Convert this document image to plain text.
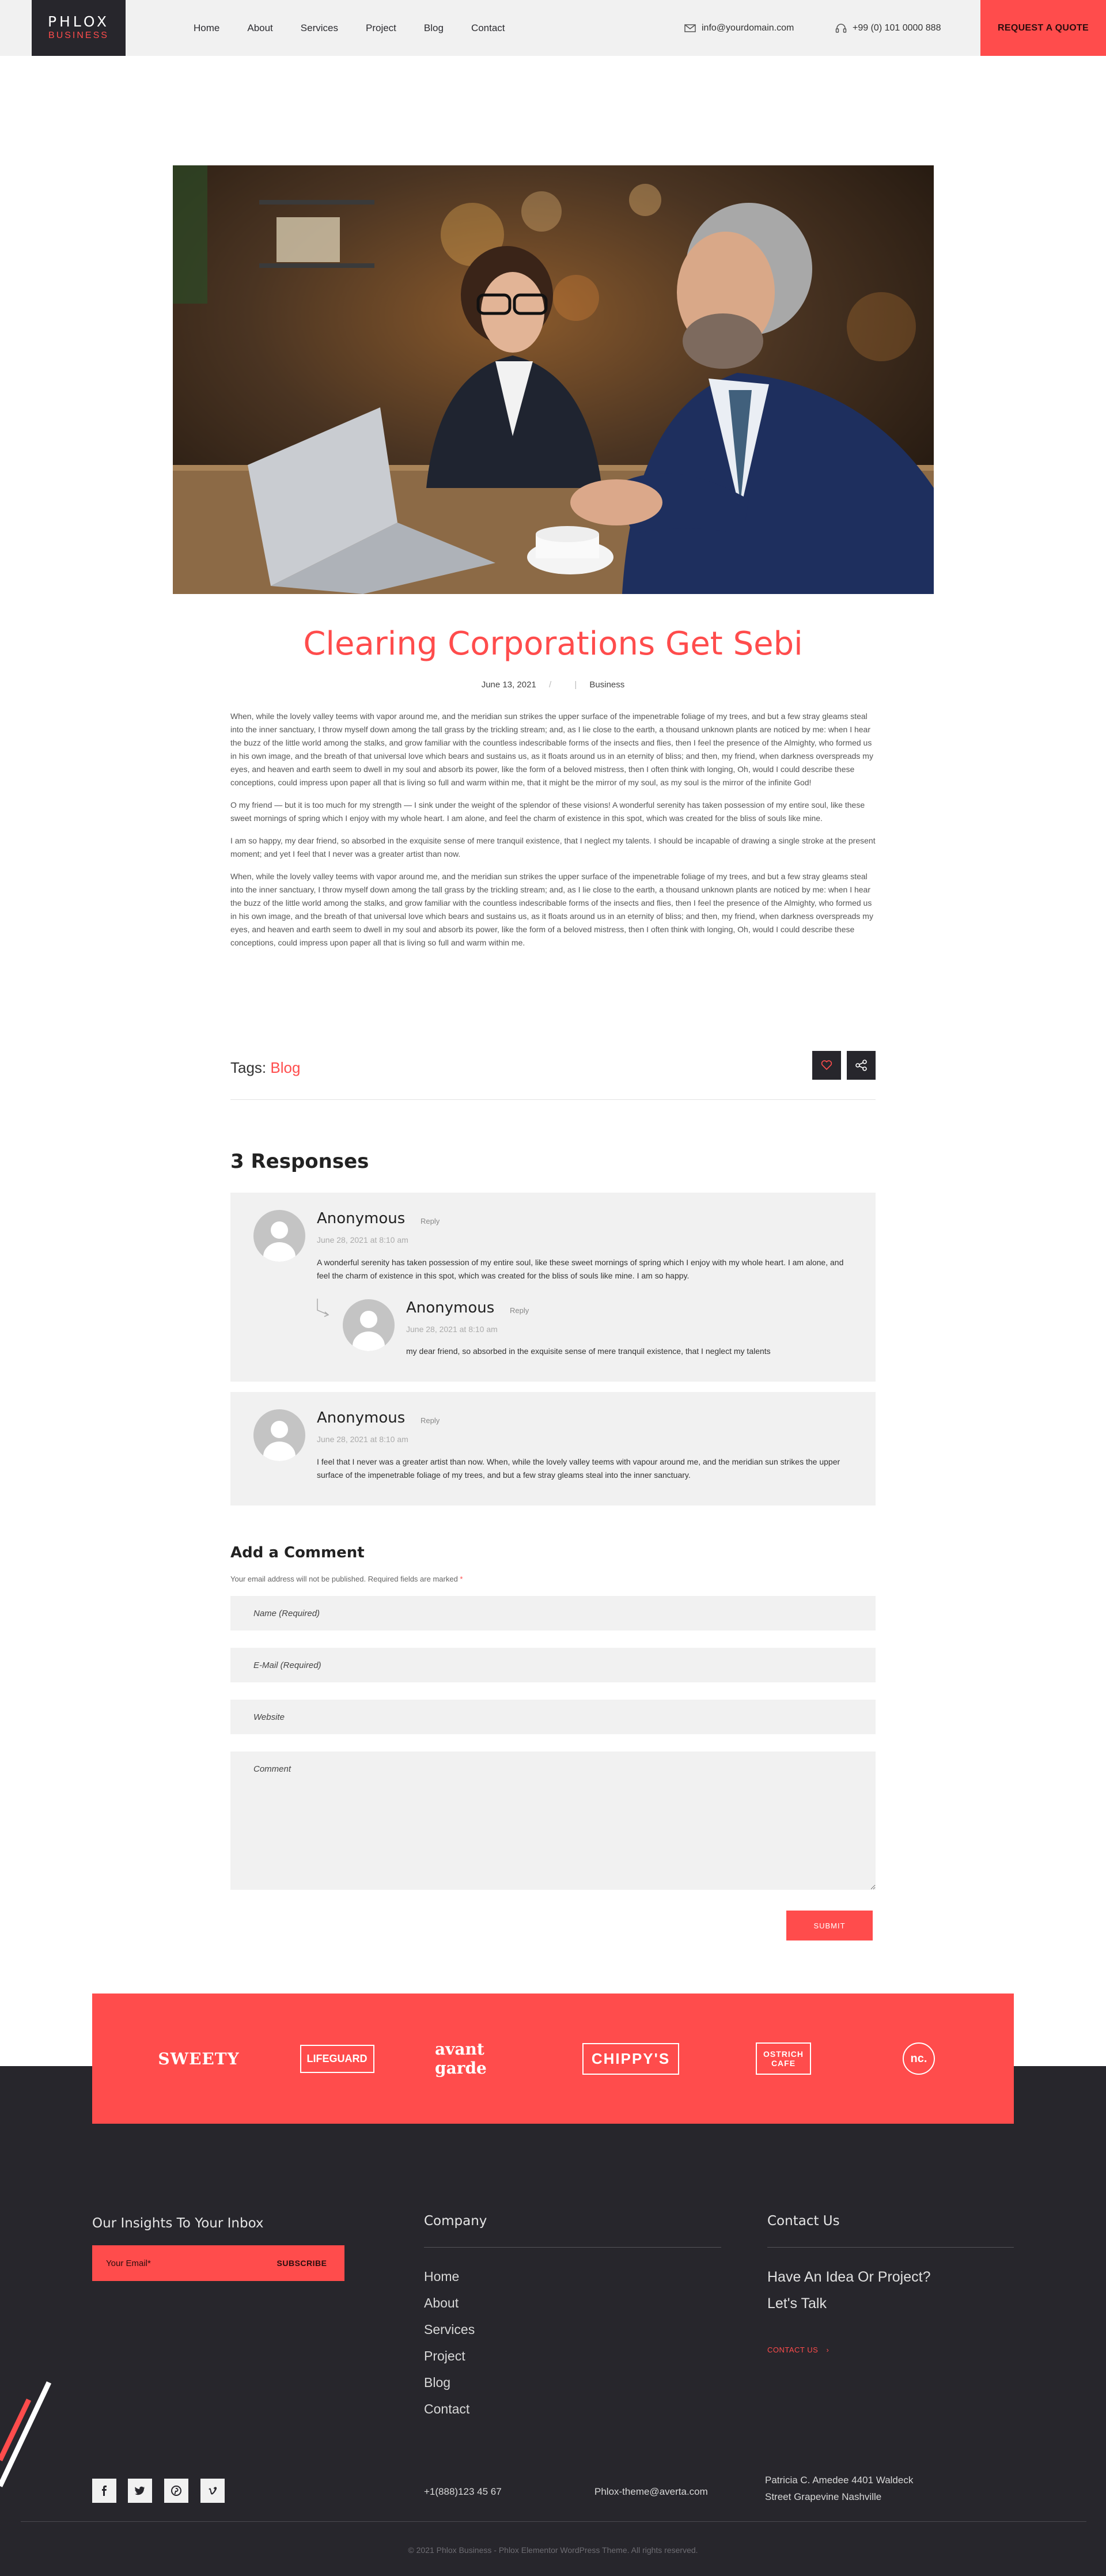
PHLOX
BUSINESS
Home	About	Services	Project	Blog	Contact	info@yourdomain.com	+99 (0) 101 0000 888	REQUEST A QUOTE
Clearing Corporations Get Sebi
June 13, 2021 /	| Business

When, while the lovely valley teems with vapor around me, and the meridian sun strikes the upper surface of the impenetrable foliage of my trees, and but a few stray gleams steal into the inner sanctuary, I throw myself down among the tall grass by the trickling stream; and, as I lie close to the earth, a thousand unknown plants are noticed by me: when I hear the buzz of the little world among the stalks, and grow familiar with the countless indescribable forms of the insects and flies, then I feel the presence of the Almighty, who formed us in his own image, and the breath of that universal love which bears and sustains us, as it floats around us in an eternity of bliss; and then, my friend, when darkness overspreads my eyes, and heaven and earth seem to dwell in my soul and absorb its power, like the form of a beloved mistress, then I often think with longing, Oh, would I could describe these conceptions, could impress upon paper all that is living so full and warm within me, that it might be the mirror of my soul, as my soul is the mirror of the infinite God!

O my friend — but it is too much for my strength — I sink under the weight of the splendor of these visions! A wonderful serenity has taken possession of my entire soul, like these sweet mornings of spring which I enjoy with my whole heart. I am alone, and feel the charm of existence in this spot, which was created for the bliss of souls like mine.

I am so happy, my dear friend, so absorbed in the exquisite sense of mere tranquil existence, that I neglect my talents. I should be incapable of drawing a single stroke at the present moment; and yet I feel that I never was a greater artist than now.

When, while the lovely valley teems with vapor around me, and the meridian sun strikes the upper surface of the impenetrable foliage of my trees, and but a few stray gleams steal into the inner sanctuary, I throw myself down among the tall grass by the trickling stream; and, as I lie close to the earth, a thousand unknown plants are noticed by me: when I hear the buzz of the little world among the stalks, and grow familiar with the countless indescribable forms of the insects and flies, then I feel the presence of the Almighty, who formed us in his own image, and the breath of that universal love which bears and sustains us, as it floats around us in an eternity of bliss; and then, my friend, when darkness overspreads my eyes, and heaven and earth seem to dwell in my soul and absorb its power, like the form of a beloved mistress, then I often think with longing, Oh, would I could describe these conceptions, could impress upon paper all that is living so full and warm within me.

Tags: Blog
3 Responses
Anonymous Reply
June 28, 2021 at 8:10 am
A wonderful serenity has taken possession of my entire soul, like these sweet mornings of spring which I enjoy with my whole heart. I am alone, and feel the charm of existence in this spot, which was created for the bliss of souls like mine. I am so happy.
Anonymous Reply
June 28, 2021 at 8:10 am
my dear friend, so absorbed in the exquisite sense of mere tranquil existence, that I neglect my talents
Anonymous Reply
June 28, 2021 at 8:10 am
I feel that I never was a greater artist than now. When, while the lovely valley teems with vapour around me, and the meridian sun strikes the upper surface of the impenetrable foliage of my trees, and but a few stray gleams steal into the inner sanctuary.
Add a Comment
Your email address will not be published. Required fields are marked *
Name (Required)
E-Mail (Required)
Website
Comment
SUBMIT
SWEETY	LIFEGUARD	avant garde
CHIPPY'S	OSTRICH CAFE	nc.
Our Insights To Your Inbox
Your Email*
SUBSCRIBE
Company
Home
About
Services
Project
Blog
Contact
Contact Us
Have An Idea Or Project?
Let's Talk
CONTACT US ›
+1(888)123 45 67	Phlox-theme@averta.com
Patricia C. Amedee 4401 Waldeck
Street Grapevine Nashville
© 2021 Phlox Business - Phlox Elementor WordPress Theme. All rights reserved.
